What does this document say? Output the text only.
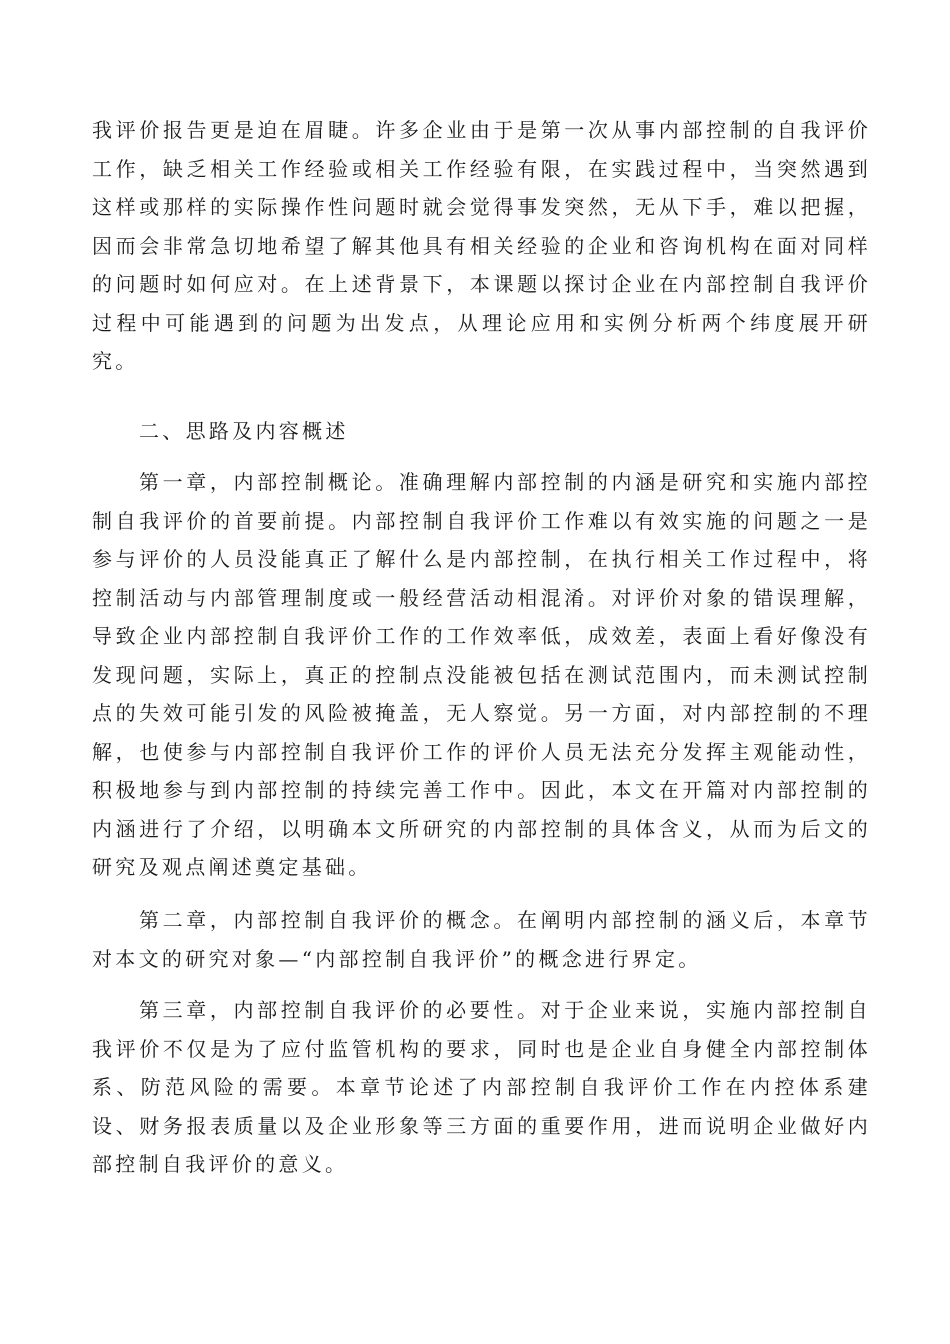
我评价报告更是迫在眉睫。许多企业由于是第一次从事内部控制的自我评价工作，缺乏相关工作经验或相关工作经验有限，在实践过程中，当突然遇到这样或那样的实际操作性问题时就会觉得事发突然，无从下手，难以把握，因而会非常急切地希望了解其他具有相关经验的企业和咨询机构在面对同样的问题时如何应对。在上述背景下，本课题以探讨企业在内部控制自我评价过程中可能遇到的问题为出发点，从理论应用和实例分析两个纬度展开研究。

二、思路及内容概述

第一章，内部控制概论。准确理解内部控制的内涵是研究和实施内部控制自我评价的首要前提。内部控制自我评价工作难以有效实施的问题之一是参与评价的人员没能真正了解什么是内部控制，在执行相关工作过程中，将控制活动与内部管理制度或一般经营活动相混淆。对评价对象的错误理解，导致企业内部控制自我评价工作的工作效率低，成效差，表面上看好像没有发现问题，实际上，真正的控制点没能被包括在测试范围内，而未测试控制点的失效可能引发的风险被掩盖，无人察觉。另一方面，对内部控制的不理解，也使参与内部控制自我评价工作的评价人员无法充分发挥主观能动性，积极地参与到内部控制的持续完善工作中。因此，本文在开篇对内部控制的内涵进行了介绍，以明确本文所研究的内部控制的具体含义，从而为后文的研究及观点阐述奠定基础。

第二章，内部控制自我评价的概念。在阐明内部控制的涵义后，本章节对本文的研究对象—“内部控制自我评价”的概念进行界定。

第三章，内部控制自我评价的必要性。对于企业来说，实施内部控制自我评价不仅是为了应付监管机构的要求，同时也是企业自身健全内部控制体系、防范风险的需要。本章节论述了内部控制自我评价工作在内控体系建设、财务报表质量以及企业形象等三方面的重要作用，进而说明企业做好内部控制自我评价的意义。
